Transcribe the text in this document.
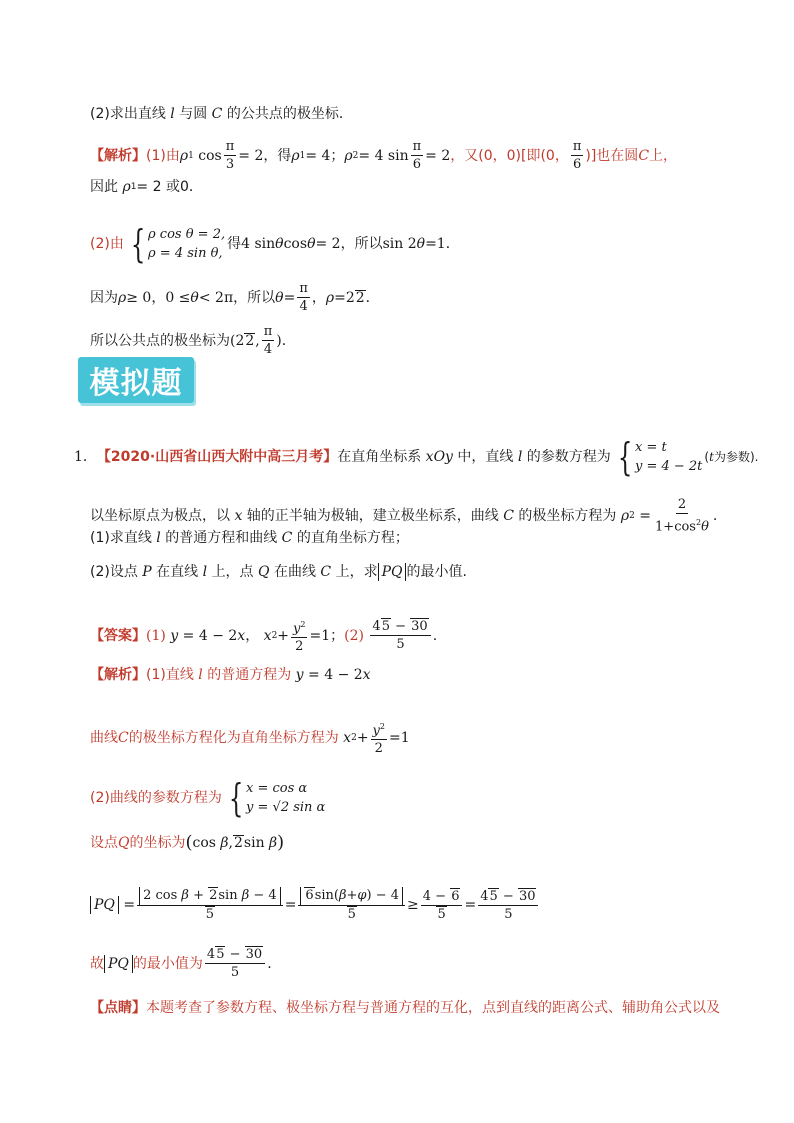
(2)求出直线 l 与圆 C 的公共点的极坐标．
【解析】 (1)由 ρ 1 $\cos \frac{\pi}{3} = 2$ ，得 ρ 1 = 4 ； ρ 2 = 4 $\sin \frac{\pi}{6} = 2$ ，又(0，0)[即(0， $\frac{\pi}{6}$ )]也在圆 C 上，
因此 ρ 1 = 2 或0．
(2)由 { ρ cos θ = 2,
ρ = 4 sin θ,
得 4 sin θ cos θ = 2 ，所以 sin 2 θ =1．
因为 ρ ≥ 0 ， 0 ≤ θ < 2π ，所以 $\theta = \frac{\pi}{4}$ ， ρ =2 2 ．
所以公共点的极坐标为 (2 2 , $\frac{\pi}{4}$ )．
模拟题
1． 【2020·山西省山西大附中高三月考】 在直角坐标系 xOy 中，直线 l 的参数方程为 { x = t
y = 4 − 2t
(t为参数).
以坐标原点为极点，以 x 轴的正半轴为极轴，建立极坐标系，曲线 C 的极坐标方程为 ρ $2 = \frac{2}{1+\cos^2\theta}$ .
(1)求直线 l 的普通方程和曲线 C 的直角坐标方程；
(2)设点 P 在直线 l 上，点 Q 在曲线 C 上，求 PQ 的最小值.
【答案】 (1)
y = 4 − 2 x ，
x $2 + \frac{y^2}{2} =1$ ； (2)
$\frac{45 - 30}{5}$ .
【解析】 (1)直线 l 的普通方程为 y = 4 − 2 x
曲线 C 的极坐标方程化为直角坐标方程为 x $2 + \frac{y^2}{2} =1$
(2)曲线的参数方程为 { x = cos α
y = √2 sin α
设点 Q 的坐标为 ( cos β , 2 sin β )
PQ = $\frac{\text{2 cos β + 2sin β − 4}}{5} = \frac{6\sin(\beta+\varphi) - 4}{5} \ge \frac{4 - 6}{5} = \frac{45 - 30}{5}$
故 PQ 的最小值为 $\frac{45 - 30}{5}$ .
【点睛】 本题考查了参数方程、极坐标方程与普通方程的互化，点到直线的距离公式、辅助角公式以及
